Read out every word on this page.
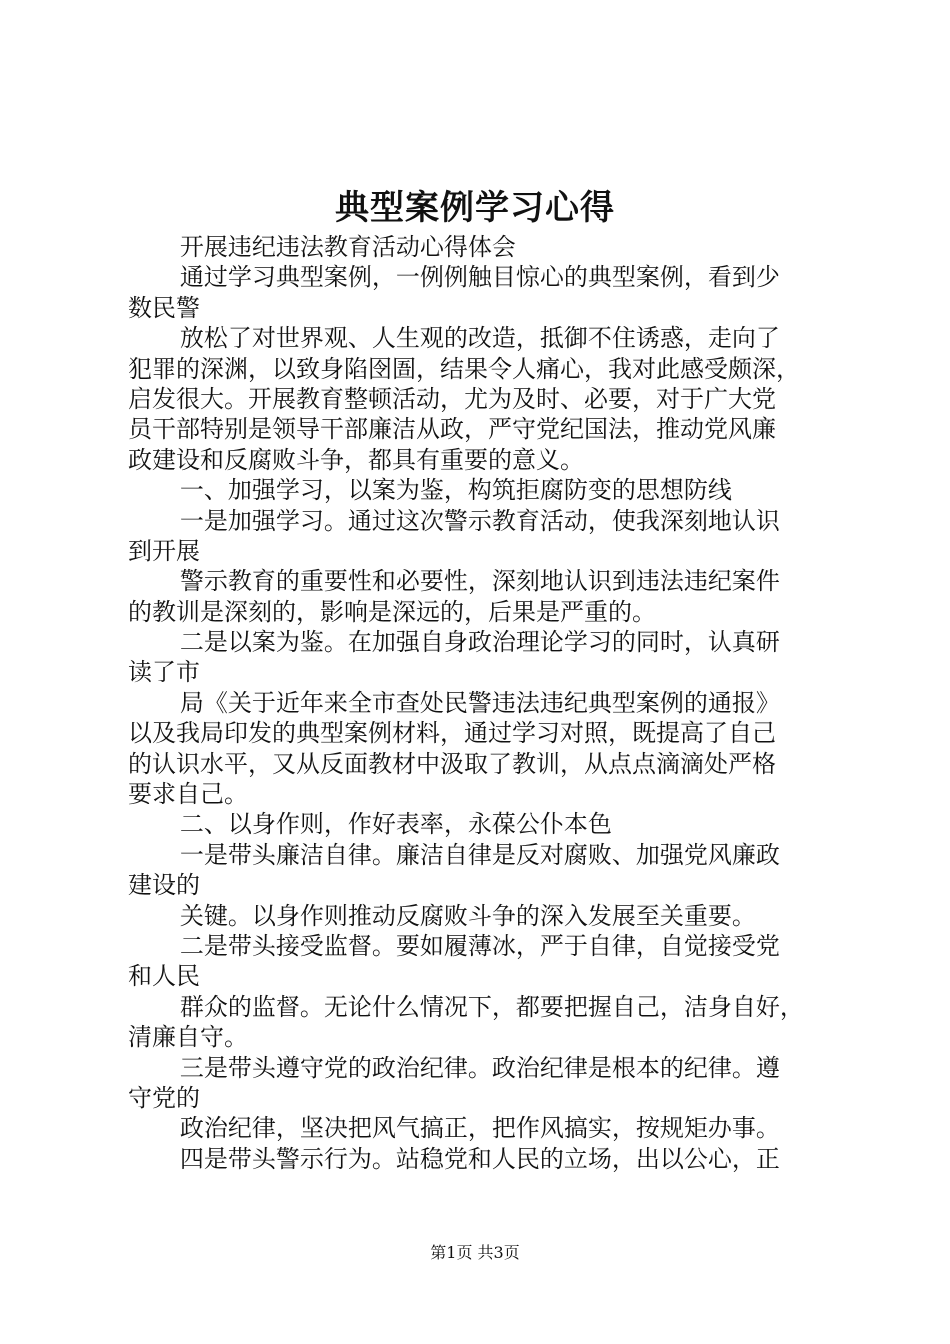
典型案例学习心得
开展违纪违法教育活动心得体会
通过学习典型案例，一例例触目惊心的典型案例，看到少
数民警
放松了对世界观、人生观的改造，抵御不住诱惑，走向了
犯罪的深渊，以致身陷囹圄，结果令人痛心，我对此感受颇深，
启发很大。开展教育整顿活动，尤为及时、必要，对于广大党
员干部特别是领导干部廉洁从政，严守党纪国法，推动党风廉
政建设和反腐败斗争，都具有重要的意义。
一、加强学习，以案为鉴，构筑拒腐防变的思想防线
一是加强学习。通过这次警示教育活动，使我深刻地认识
到开展
警示教育的重要性和必要性，深刻地认识到违法违纪案件
的教训是深刻的，影响是深远的，后果是严重的。
二是以案为鉴。在加强自身政治理论学习的同时，认真研
读了市
局《关于近年来全市查处民警违法违纪典型案例的通报》
以及我局印发的典型案例材料，通过学习对照，既提高了自己
的认识水平，又从反面教材中汲取了教训，从点点滴滴处严格
要求自己。
二、以身作则，作好表率，永葆公仆本色
一是带头廉洁自律。廉洁自律是反对腐败、加强党风廉政
建设的
关键。以身作则推动反腐败斗争的深入发展至关重要。
二是带头接受监督。要如履薄冰，严于自律，自觉接受党
和人民
群众的监督。无论什么情况下，都要把握自己，洁身自好，
清廉自守。
三是带头遵守党的政治纪律。政治纪律是根本的纪律。遵
守党的
政治纪律，坚决把风气搞正，把作风搞实，按规矩办事。
四是带头警示行为。站稳党和人民的立场，出以公心，正
第1页 共3页
